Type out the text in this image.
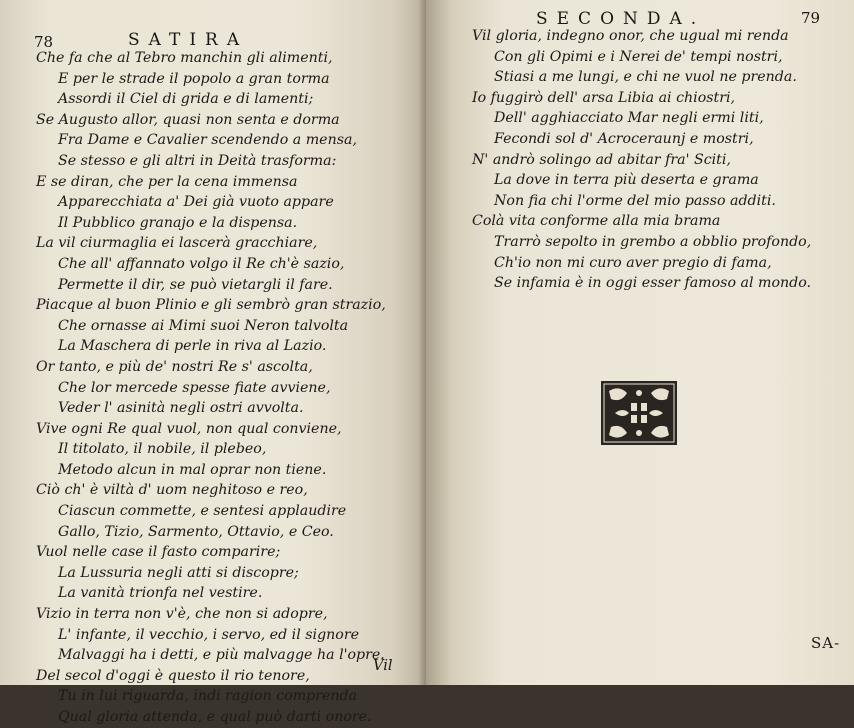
78	SATIRA
Che fa che al Tebro manchin gli alimenti,
E per le strade il popolo a gran torma
Assordi il Ciel di grida e di lamenti;
Se Augusto allor, quasi non senta e dorma
Fra Dame e Cavalier scendendo a mensa,
Se stesso e gli altri in Deità trasforma:
E se diran, che per la cena immensa
Apparecchiata a' Dei già vuoto appare
Il Pubblico granajo e la dispensa.
La vil ciurmaglia ei lascerà gracchiare,
Che all' affannato volgo il Re ch'è sazio,
Permette il dir, se può vietargli il fare.
Piacque al buon Plinio e gli sembrò gran strazio,
Che ornasse ai Mimi suoi Neron talvolta
La Maschera di perle in riva al Lazio.
Or tanto, e più de' nostri Re s' ascolta,
Che lor mercede spesse fiate avviene,
Veder l' asinità negli ostri avvolta.
Vive ogni Re qual vuol, non qual conviene,
Il titolato, il nobile, il plebeo,
Metodo alcun in mal oprar non tiene.
Ciò ch' è viltà d' uom neghitoso e reo,
Ciascun commette, e sentesi applaudire
Gallo, Tizio, Sarmento, Ottavio, e Ceo.
Vuol nelle case il fasto comparire;
La Lussuria negli atti si discopre;
La vanità trionfa nel vestire.
Vizio in terra non v'è, che non si adopre,
L' infante, il vecchio, i servo, ed il signore
Malvaggi ha i detti, e più malvagge ha l'opre.
Del secol d'oggi è questo il rio tenore,
Tu in lui riguarda, indi ragion comprenda
Qual gloria attenda, e qual può darti onore.
Vil
SECONDA.	79
Vil gloria, indegno onor, che ugual mi renda
Con gli Opimi e i Nerei de' tempi nostri,
Stiasi a me lungi, e chi ne vuol ne prenda.
Io fuggirò dell' arsa Libia ai chiostri,
Dell' agghiacciato Mar negli ermi liti,
Fecondi sol d' Acroceraunj e mostri,
N' andrò solingo ad abitar fra' Sciti,
La dove in terra più deserta e grama
Non fia chi l'orme del mio passo additi.
Colà vita conforme alla mia brama
Trarrò sepolto in grembo a obblio profondo,
Ch'io non mi curo aver pregio di fama,
Se infamia è in oggi esser famoso al mondo.
SA-
